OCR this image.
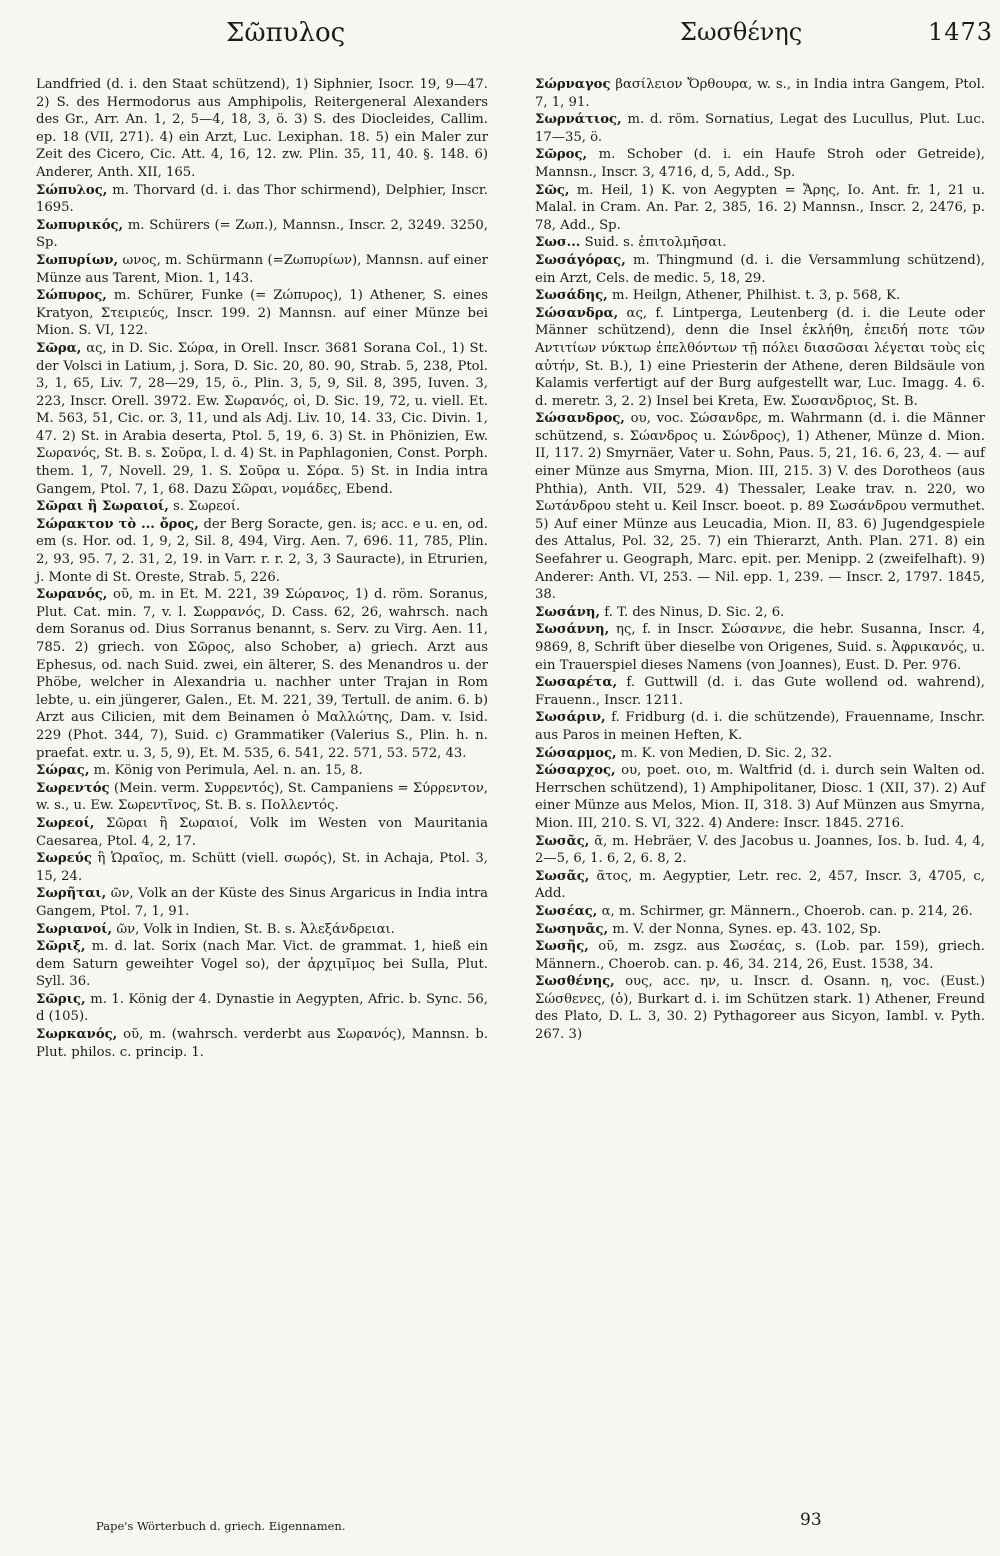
Σῶπυλος	Σωσθένης	1473

Landfried (d. i. den Staat schützend), 1) Siphnier, Isocr. 19, 9—47. 2) S. des Hermodorus aus Amphipolis, Reitergeneral Alexanders des Gr., Arr. An. 1, 2, 5—4, 18, 3, ö. 3) S. des Diocleides, Callim. ep. 18 (VII, 271). 4) ein Arzt, Luc. Lexiphan. 18. 5) ein Maler zur Zeit des Cicero, Cic. Att. 4, 16, 12. zw. Plin. 35, 11, 40. §. 148. 6) Anderer, Anth. XII, 165.

Σώπυλος, m. Thorvard (d. i. das Thor schirmend), Delphier, Inscr. 1695.

Σωπυρικός, m. Schürers (= Ζωπ.), Mannsn., Inscr. 2, 3249. 3250, Sp.

Σωπυρίων, ωνος, m. Schürmann (=Ζωπυρίων), Mannsn. auf einer Münze aus Tarent, Mion. 1, 143.

Σώπυρος, m. Schürer, Funke (= Ζώπυρος), 1) Athener, S. eines Kratyon, Στειριεύς, Inscr. 199. 2) Mannsn. auf einer Münze bei Mion. S. VI, 122.

Σῶρα, ας, in D. Sic. Σώρα, in Orell. Inscr. 3681 Sorana Col., 1) St. der Volsci in Latium, j. Sora, D. Sic. 20, 80. 90, Strab. 5, 238, Ptol. 3, 1, 65, Liv. 7, 28—29, 15, ö., Plin. 3, 5, 9, Sil. 8, 395, Iuven. 3, 223, Inscr. Orell. 3972. Ew. Σωρανός, οἱ, D. Sic. 19, 72, u. viell. Et. M. 563, 51, Cic. or. 3, 11, und als Adj. Liv. 10, 14. 33, Cic. Divin. 1, 47. 2) St. in Arabia deserta, Ptol. 5, 19, 6. 3) St. in Phönizien, Ew. Σωρανός, St. B. s. Σοῦρα, l. d. 4) St. in Paphlagonien, Const. Porph. them. 1, 7, Novell. 29, 1. S. Σοῦρα u. Σόρα. 5) St. in India intra Gangem, Ptol. 7, 1, 68. Dazu Σῶραι, νομάδες, Ebend.

Σῶραι ἢ Σωραιοί, s. Σωρεοί.

Σώρακτον τὸ ... ὄρος, der Berg Soracte, gen. is; acc. e u. en, od. em (s. Hor. od. 1, 9, 2, Sil. 8, 494, Virg. Aen. 7, 696. 11, 785, Plin. 2, 93, 95. 7, 2. 31, 2, 19. in Varr. r. r. 2, 3, 3 Sauracte), in Etrurien, j. Monte di St. Oreste, Strab. 5, 226.

Σωρανός, οῦ, m. in Et. M. 221, 39 Σώρανος, 1) d. röm. Soranus, Plut. Cat. min. 7, v. l. Σωρρανός, D. Cass. 62, 26, wahrsch. nach dem Soranus od. Dius Sorranus benannt, s. Serv. zu Virg. Aen. 11, 785. 2) griech. von Σῶρος, also Schober, a) griech. Arzt aus Ephesus, od. nach Suid. zwei, ein älterer, S. des Menandros u. der Phöbe, welcher in Alexandria u. nachher unter Trajan in Rom lebte, u. ein jüngerer, Galen., Et. M. 221, 39, Tertull. de anim. 6. b) Arzt aus Cilicien, mit dem Beinamen ὁ Μαλλώτης, Dam. v. Isid. 229 (Phot. 344, 7), Suid. c) Grammatiker (Valerius S., Plin. h. n. praefat. extr. u. 3, 5, 9), Et. M. 535, 6. 541, 22. 571, 53. 572, 43.

Σώρας, m. König von Perimula, Ael. n. an. 15, 8.

Σωρεντός (Mein. verm. Συρρεντός), St. Campaniens = Σύρρεντον, w. s., u. Ew. Σωρεντῖνος, St. B. s. Πολλεντός.

Σωρεοί, Σῶραι ἢ Σωραιοί, Volk im Westen von Mauritania Caesarea, Ptol. 4, 2, 17.

Σωρεύς ἢ Ὡραῖος, m. Schütt (viell. σωρός), St. in Achaja, Ptol. 3, 15, 24.

Σωρῆται, ῶν, Volk an der Küste des Sinus Argaricus in India intra Gangem, Ptol. 7, 1, 91.

Σωριανοί, ῶν, Volk in Indien, St. B. s. Ἀλεξάνδρειαι.

Σῶριξ, m. d. lat. Sorix (nach Mar. Vict. de grammat. 1, hieß ein dem Saturn geweihter Vogel so), der ἀρχιμῖμος bei Sulla, Plut. Syll. 36.

Σῶρις, m. 1. König der 4. Dynastie in Aegypten, Afric. b. Sync. 56, d (105).

Σωρκανός, οῦ, m. (wahrsch. verderbt aus Σωρανός), Mannsn. b. Plut. philos. c. princip. 1.

Σώρναγος βασίλειον Ὄρθουρα, w. s., in India intra Gangem, Ptol. 7, 1, 91.

Σωρνάτιος, m. d. röm. Sornatius, Legat des Lucullus, Plut. Luc. 17—35, ö.

Σῶρος, m. Schober (d. i. ein Haufe Stroh oder Getreide), Mannsn., Inscr. 3, 4716, d, 5, Add., Sp.

Σῶς, m. Heil, 1) K. von Aegypten = Ἄρης, Io. Ant. fr. 1, 21 u. Malal. in Cram. An. Par. 2, 385, 16. 2) Mannsn., Inscr. 2, 2476, p. 78, Add., Sp.

Σωσ... Suid. s. ἐπιτολμῆσαι.

Σωσάγόρας, m. Thingmund (d. i. die Versammlung schützend), ein Arzt, Cels. de medic. 5, 18, 29.

Σωσάδης, m. Heilgn, Athener, Philhist. t. 3, p. 568, K.

Σώσανδρα, ας, f. Lintperga, Leutenberg (d. i. die Leute oder Männer schützend), denn die Insel ἐκλήθη, ἐπειδή ποτε τῶν Αντιτίων νύκτωρ ἐπελθόντων τῇ πόλει διασῶσαι λέγεται τοὺς εἰς αὐτήν, St. B.), 1) eine Priesterin der Athene, deren Bildsäule von Kalamis verfertigt auf der Burg aufgestellt war, Luc. Imagg. 4. 6. d. meretr. 3, 2. 2) Insel bei Kreta, Ew. Σωσανδριος, St. B.

Σώσανδρος, ου, voc. Σώσανδρε, m. Wahrmann (d. i. die Männer schützend, s. Σώανδρος u. Σώνδρος), 1) Athener, Münze d. Mion. II, 117. 2) Smyrnäer, Vater u. Sohn, Paus. 5, 21, 16. 6, 23, 4. — auf einer Münze aus Smyrna, Mion. III, 215. 3) V. des Dorotheos (aus Phthia), Anth. VII, 529. 4) Thessaler, Leake trav. n. 220, wo Σωτάνδρου steht u. Keil Inscr. boeot. p. 89 Σωσάνδρου vermuthet. 5) Auf einer Münze aus Leucadia, Mion. II, 83. 6) Jugendgespiele des Attalus, Pol. 32, 25. 7) ein Thierarzt, Anth. Plan. 271. 8) ein Seefahrer u. Geograph, Marc. epit. per. Menipp. 2 (zweifelhaft). 9) Anderer: Anth. VI, 253. — Nil. epp. 1, 239. — Inscr. 2, 1797. 1845, 38.

Σωσάνη, f. T. des Ninus, D. Sic. 2, 6.

Σωσάννη, ης, f. in Inscr. Σώσαννε, die hebr. Susanna, Inscr. 4, 9869, 8, Schrift über dieselbe von Origenes, Suid. s. Ἀφρικανός, u. ein Trauerspiel dieses Namens (von Joannes), Eust. D. Per. 976.

Σωσαρέτα, f. Guttwill (d. i. das Gute wollend od. wahrend), Frauenn., Inscr. 1211.

Σωσάριν, f. Fridburg (d. i. die schützende), Frauenname, Inschr. aus Paros in meinen Heften, K.

Σώσαρμος, m. K. von Medien, D. Sic. 2, 32.

Σώσαρχος, ου, poet. οιο, m. Waltfrid (d. i. durch sein Walten od. Herrschen schützend), 1) Amphipolitaner, Diosc. 1 (XII, 37). 2) Auf einer Münze aus Melos, Mion. II, 318. 3) Auf Münzen aus Smyrna, Mion. III, 210. S. VI, 322. 4) Andere: Inscr. 1845. 2716.

Σωσᾶς, ᾶ, m. Hebräer, V. des Jacobus u. Joannes, Ios. b. Iud. 4, 4, 2—5, 6, 1. 6, 2, 6. 8, 2.

Σωσᾶς, ᾶτος, m. Aegyptier, Letr. rec. 2, 457, Inscr. 3, 4705, c, Add.

Σωσέας, α, m. Schirmer, gr. Männern., Choerob. can. p. 214, 26.

Σωσηνᾶς, m. V. der Nonna, Synes. ep. 43. 102, Sp.

Σωσῆς, οῦ, m. zsgz. aus Σωσέας, s. (Lob. par. 159), griech. Männern., Choerob. can. p. 46, 34. 214, 26, Eust. 1538, 34.

Σωσθένης, ους, acc. ην, u. Inscr. d. Osann. η, voc. (Eust.) Σώσθενες, (ὁ), Burkart d. i. im Schützen stark. 1) Athener, Freund des Plato, D. L. 3, 30. 2) Pythagoreer aus Sicyon, Iambl. v. Pyth. 267. 3)

Pape's Wörterbuch d. griech. Eigennamen.	93
